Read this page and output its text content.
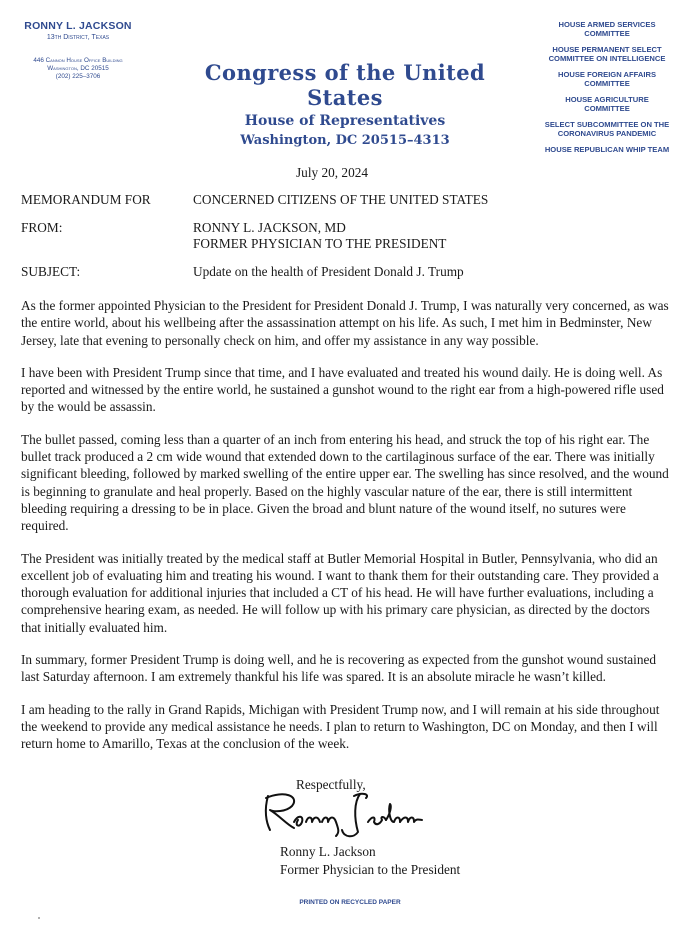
RONNY L. JACKSON
13th District, Texas
446 Cannon House Office Building
Washington, DC 20515
(202) 225–3706	Congress of the United States
House of Representatives
Washington, DC 20515–4313
HOUSE ARMED SERVICES COMMITTEE
HOUSE PERMANENT SELECT COMMITTEE ON INTELLIGENCE
HOUSE FOREIGN AFFAIRS COMMITTEE
HOUSE AGRICULTURE COMMITTEE
SELECT SUBCOMMITTEE ON THE CORONAVIRUS PANDEMIC
HOUSE REPUBLICAN WHIP TEAM
July 20, 2024
MEMORANDUM FOR	CONCERNED CITIZENS OF THE UNITED STATES
FROM:	RONNY L. JACKSON, MD
FORMER PHYSICIAN TO THE PRESIDENT
SUBJECT:	Update on the health of President Donald J. Trump

As the former appointed Physician to the President for President Donald J. Trump, I was naturally very concerned, as was the entire world, about his wellbeing after the assassination attempt on his life. As such, I met him in Bedminster, New Jersey, late that evening to personally check on him, and offer my assistance in any way possible.

I have been with President Trump since that time, and I have evaluated and treated his wound daily. He is doing well. As reported and witnessed by the entire world, he sustained a gunshot wound to the right ear from a high-powered rifle used by the would be assassin.

The bullet passed, coming less than a quarter of an inch from entering his head, and struck the top of his right ear. The bullet track produced a 2 cm wide wound that extended down to the cartilaginous surface of the ear. There was initially significant bleeding, followed by marked swelling of the entire upper ear. The swelling has since resolved, and the wound is beginning to granulate and heal properly. Based on the highly vascular nature of the ear, there is still intermittent bleeding requiring a dressing to be in place. Given the broad and blunt nature of the wound itself, no sutures were required.

The President was initially treated by the medical staff at Butler Memorial Hospital in Butler, Pennsylvania, who did an excellent job of evaluating him and treating his wound. I want to thank them for their outstanding care. They provided a thorough evaluation for additional injuries that included a CT of his head. He will have further evaluations, including a comprehensive hearing exam, as needed. He will follow up with his primary care physician, as directed by the doctors that initially evaluated him.

In summary, former President Trump is doing well, and he is recovering as expected from the gunshot wound sustained last Saturday afternoon. I am extremely thankful his life was spared. It is an absolute miracle he wasn’t killed.

I am heading to the rally in Grand Rapids, Michigan with President Trump now, and I will remain at his side throughout the weekend to provide any medical assistance he needs. I plan to return to Washington, DC on Monday, and then I will return home to Amarillo, Texas at the conclusion of the week.

Respectfully,
Ronny L. Jackson
Former Physician to the President
PRINTED ON RECYCLED PAPER
